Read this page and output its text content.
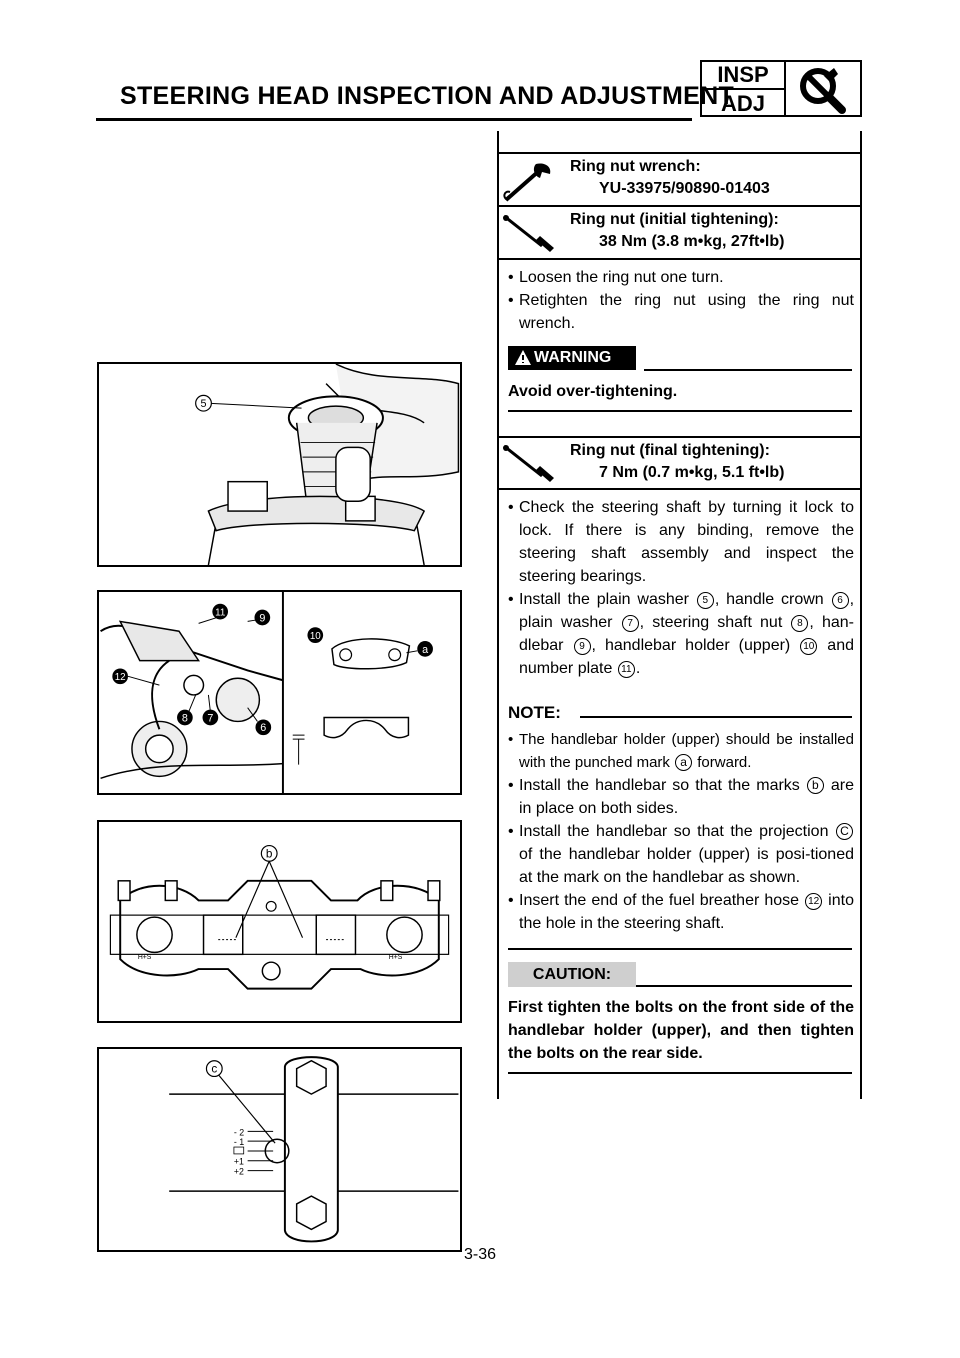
STEERING HEAD INSPECTION AND ADJUSTMENT
INSP
ADJ
5
11	9
12
8 7
6
10
a
H+S	H+S
b
- 2
- 1
+1
+2
c
Ring nut wrench:
YU-33975/90890-01403
Ring nut (initial tightening):
38 Nm (3.8 m•kg, 27ft•lb)
• Loosen the ring nut one turn.
• Retighten the ring nut using the ring nut wrench.
WARNING
Avoid over-tightening.
Ring nut (final tightening):
7 Nm (0.7 m•kg, 5.1 ft•lb)
• Check the steering shaft by turning it lock to lock. If there is any binding, remove the steering shaft assembly and inspect the steering bearings.
• Install the plain washer 5 , handle crown 6 , plain washer 7 , steering shaft nut 8 , han-dlebar 9 , handlebar holder (upper) 10 and number plate 11 .
NOTE:
• The handlebar holder (upper) should be installed with the punched mark a forward.
• Install the handlebar so that the marks b are in place on both sides.
• Install the handlebar so that the projection C of the handlebar holder (upper) is posi-tioned at the mark on the handlebar as shown.
• Insert the end of the fuel breather hose 12 into the hole in the steering shaft.
CAUTION:
First tighten the bolts on the front side of the handlebar holder (upper), and then tighten the bolts on the rear side.
3-36
